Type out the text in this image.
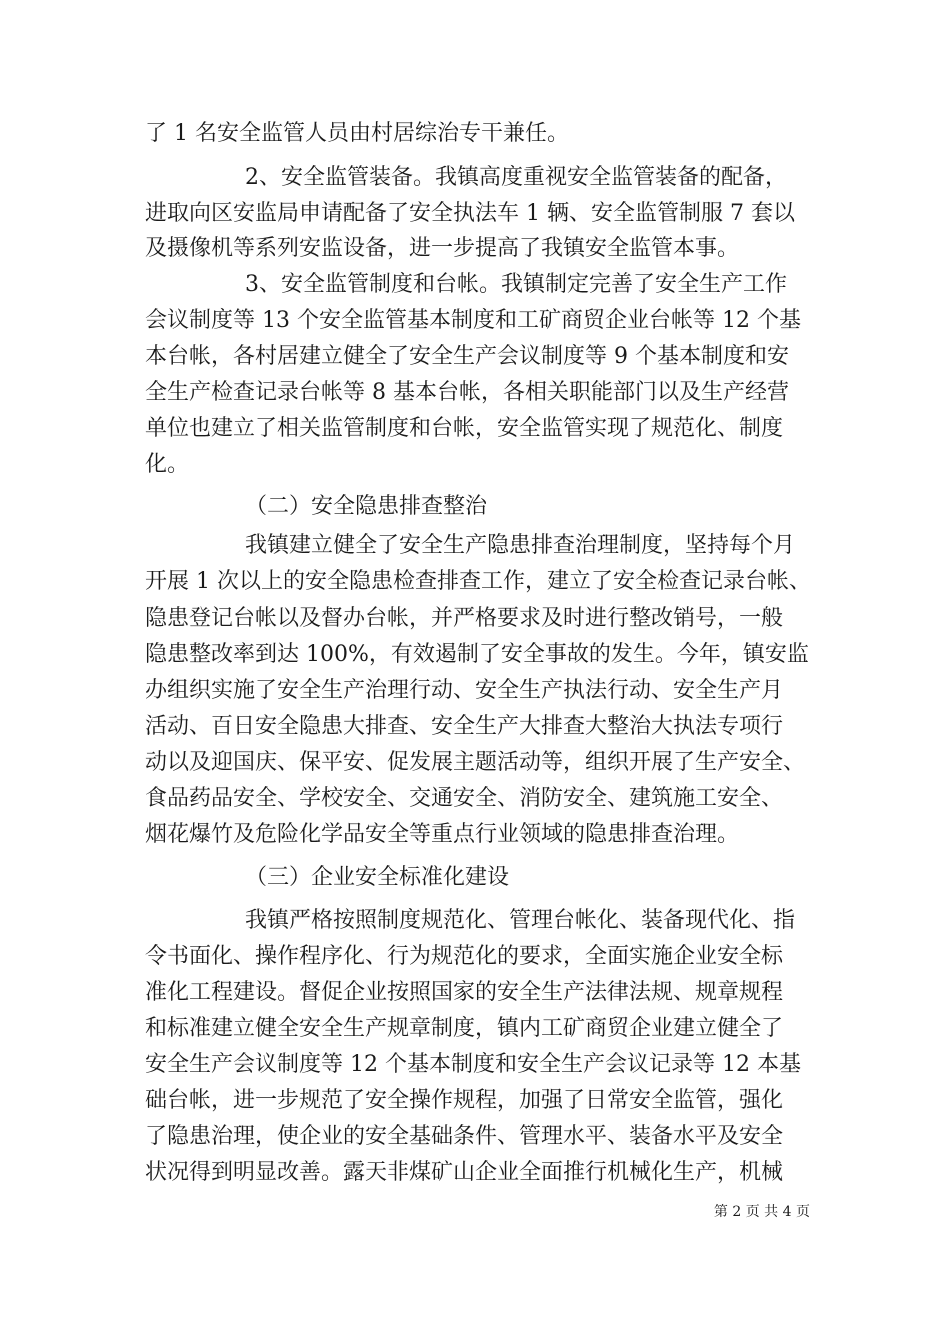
了 1 名安全监管人员由村居综治专干兼任。
2、安全监管装备。我镇高度重视安全监管装备的配备，
进取向区安监局申请配备了安全执法车 1 辆、安全监管制服 7 套以
及摄像机等系列安监设备，进一步提高了我镇安全监管本事。
3、安全监管制度和台帐。我镇制定完善了安全生产工作
会议制度等 13 个安全监管基本制度和工矿商贸企业台帐等 12 个基
本台帐，各村居建立健全了安全生产会议制度等 9 个基本制度和安
全生产检查记录台帐等 8 基本台帐，各相关职能部门以及生产经营
单位也建立了相关监管制度和台帐，安全监管实现了规范化、制度
化。
（二）安全隐患排查整治
我镇建立健全了安全生产隐患排查治理制度，坚持每个月
开展 1 次以上的安全隐患检查排查工作，建立了安全检查记录台帐、
隐患登记台帐以及督办台帐，并严格要求及时进行整改销号，一般
隐患整改率到达 100%，有效遏制了安全事故的发生。今年，镇安监
办组织实施了安全生产治理行动、安全生产执法行动、安全生产月
活动、百日安全隐患大排查、安全生产大排查大整治大执法专项行
动以及迎国庆、保平安、促发展主题活动等，组织开展了生产安全、
食品药品安全、学校安全、交通安全、消防安全、建筑施工安全、
烟花爆竹及危险化学品安全等重点行业领域的隐患排查治理。
（三）企业安全标准化建设
我镇严格按照制度规范化、管理台帐化、装备现代化、指
令书面化、操作程序化、行为规范化的要求，全面实施企业安全标
准化工程建设。督促企业按照国家的安全生产法律法规、规章规程
和标准建立健全安全生产规章制度，镇内工矿商贸企业建立健全了
安全生产会议制度等 12 个基本制度和安全生产会议记录等 12 本基
础台帐，进一步规范了安全操作规程，加强了日常安全监管，强化
了隐患治理，使企业的安全基础条件、管理水平、装备水平及安全
状况得到明显改善。露天非煤矿山企业全面推行机械化生产，机械
第 2 页 共 4 页
